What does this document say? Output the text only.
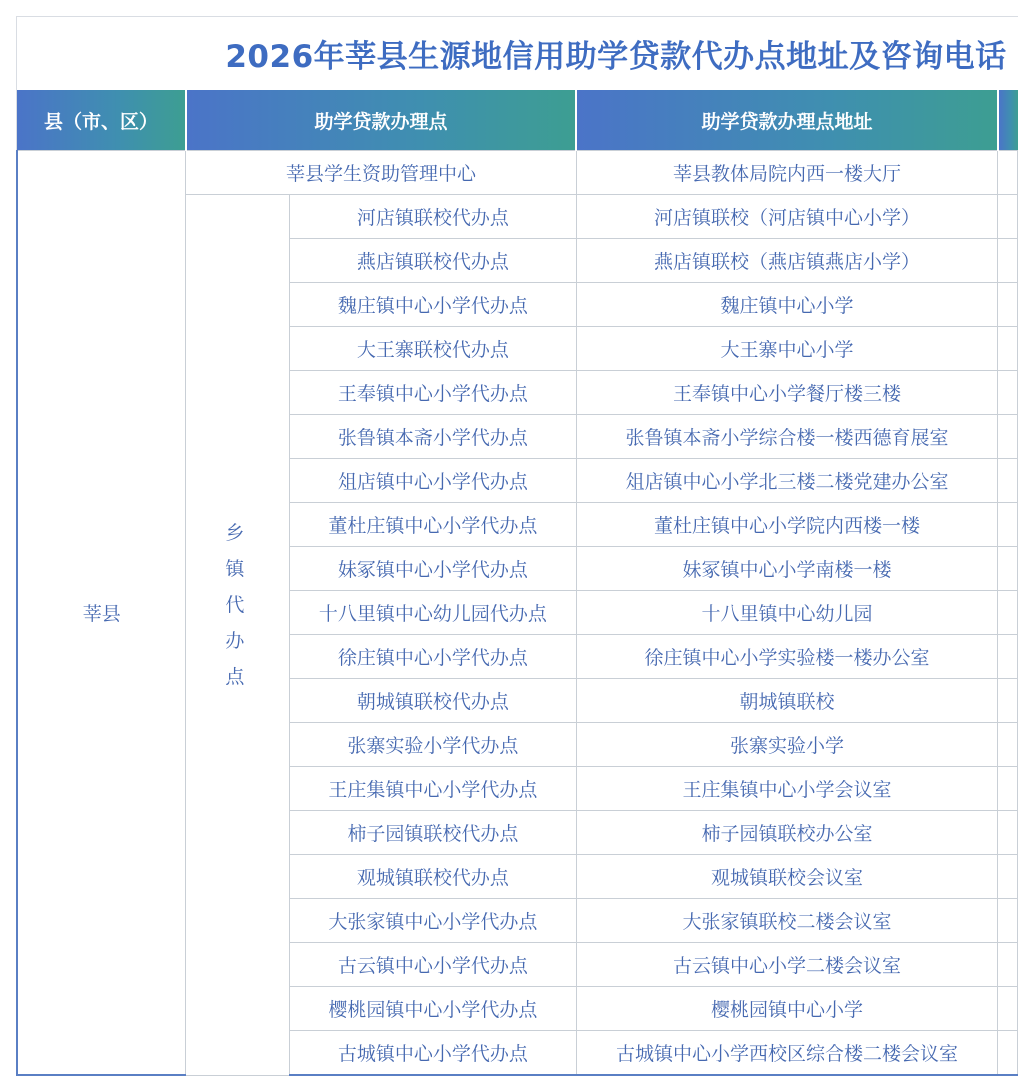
2026年莘县生源地信用助学贷款代办点地址及咨询电话
县（市、区）	助学贷款办理点		助学贷款办理点地址	
莘县	莘县学生资助管理中心		莘县教体局院内西一楼大厅	
	乡镇代办点	河店镇联校代办点	河店镇联校（河店镇中心小学）	
		燕店镇联校代办点	燕店镇联校（燕店镇燕店小学）	
		魏庄镇中心小学代办点	魏庄镇中心小学	
		大王寨联校代办点	大王寨中心小学	
		王奉镇中心小学代办点	王奉镇中心小学餐厅楼三楼	
		张鲁镇本斋小学代办点	张鲁镇本斋小学综合楼一楼西德育展室	
		俎店镇中心小学代办点	俎店镇中心小学北三楼二楼党建办公室	
		董杜庄镇中心小学代办点	董杜庄镇中心小学院内西楼一楼	
		妹冢镇中心小学代办点	妹冢镇中心小学南楼一楼	
		十八里镇中心幼儿园代办点	十八里镇中心幼儿园	
		徐庄镇中心小学代办点	徐庄镇中心小学实验楼一楼办公室	
		朝城镇联校代办点	朝城镇联校	
		张寨实验小学代办点	张寨实验小学	
		王庄集镇中心小学代办点	王庄集镇中心小学会议室	
		柿子园镇联校代办点	柿子园镇联校办公室	
		观城镇联校代办点	观城镇联校会议室	
		大张家镇中心小学代办点	大张家镇联校二楼会议室	
		古云镇中心小学代办点	古云镇中心小学二楼会议室	
		樱桃园镇中心小学代办点	樱桃园镇中心小学	
		古城镇中心小学代办点	古城镇中心小学西校区综合楼二楼会议室	
